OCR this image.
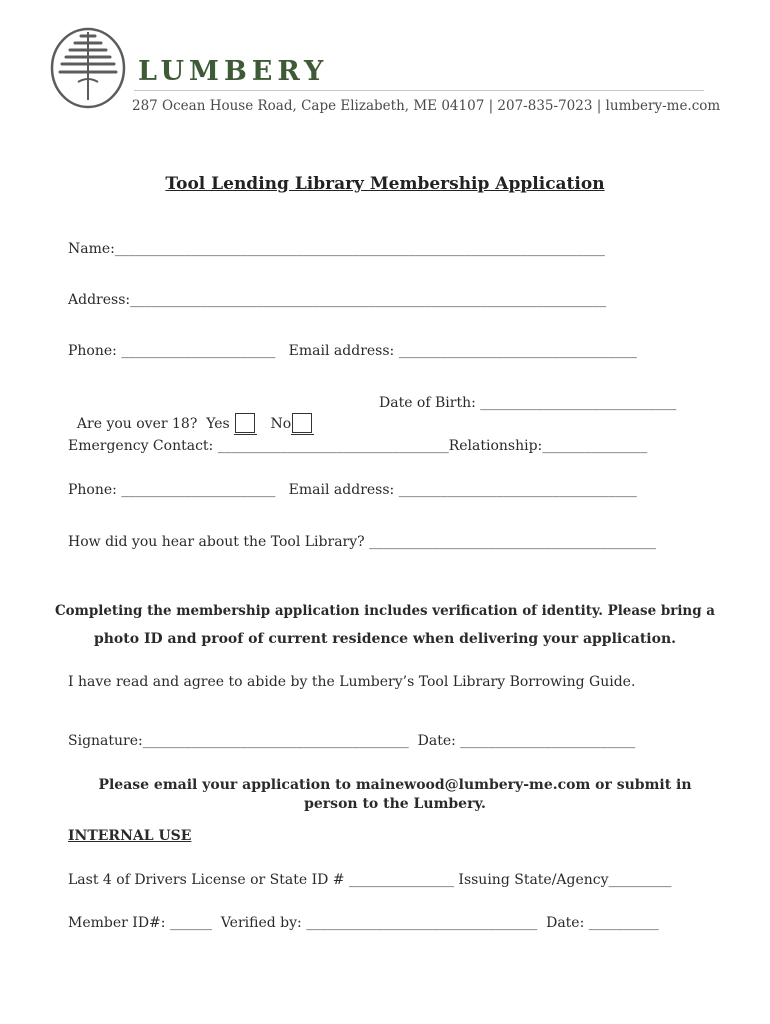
LUMBERY
287 Ocean House Road, Cape Elizabeth, ME 04107 | 207-835-7023 | lumbery-me.com
Tool Lending Library Membership Application
Name:______________________________________________________________________
Address:____________________________________________________________________
Phone: ______________________   Email address: __________________________________

Are you over 18?  Yes    No

Date of Birth: ____________________________
Emergency Contact: _________________________________Relationship:_______________
Phone: ______________________   Email address: __________________________________
How did you hear about the Tool Library? _________________________________________
Completing the membership application includes verification of identity. Please bring a
photo ID and proof of current residence when delivering your application.
I have read and agree to abide by the Lumbery’s Tool Library Borrowing Guide.
Signature:______________________________________  Date: _________________________
Please email your application to mainewood@lumbery-me.com or submit in
person to the Lumbery.
INTERNAL USE
Last 4 of Drivers License or State ID # _______________ Issuing State/Agency_________
Member ID#: ______  Verified by: _________________________________  Date: __________
